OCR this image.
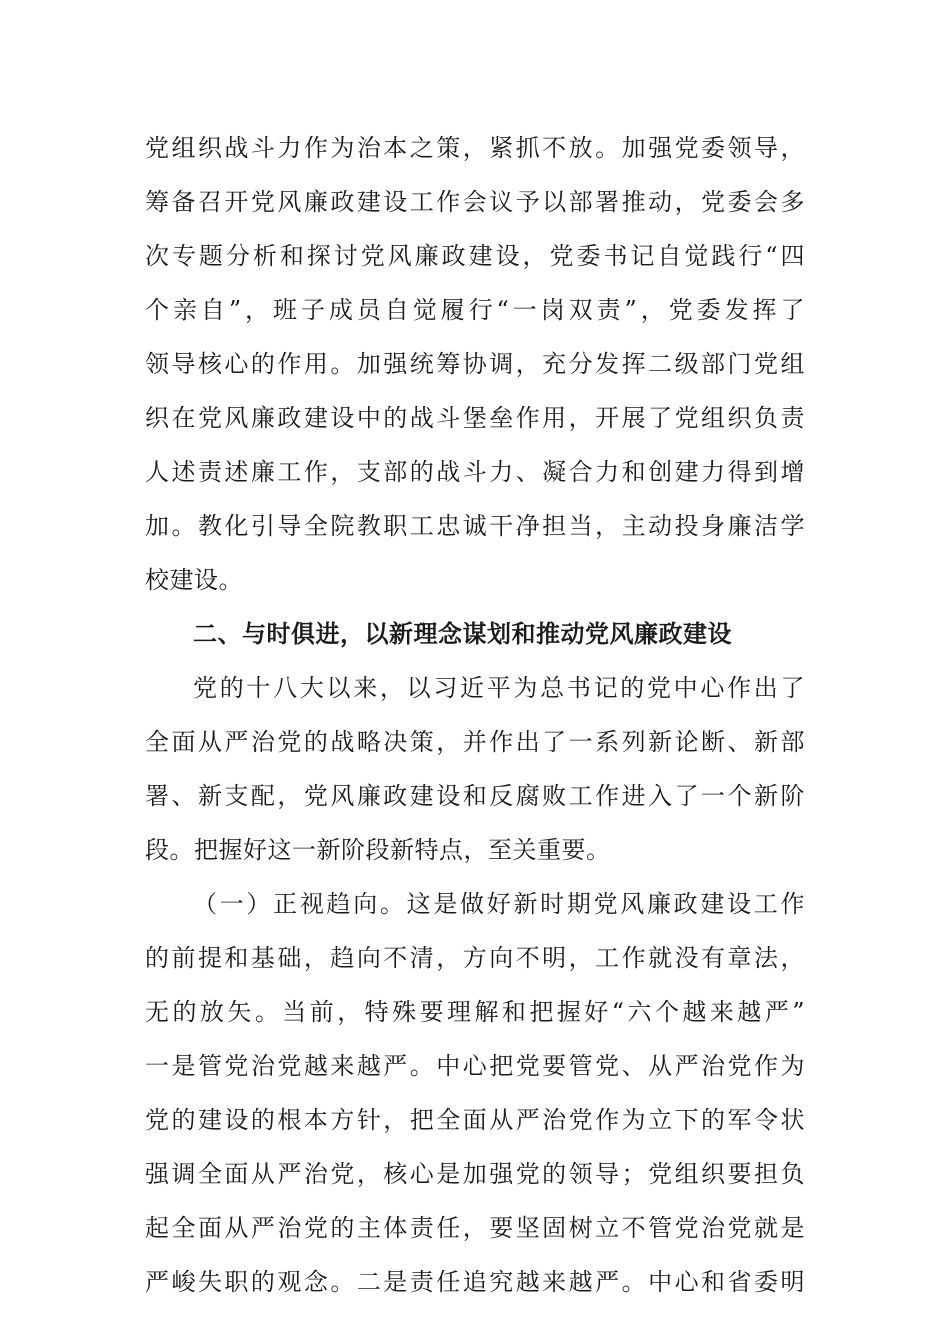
党组织战斗力作为治本之策，紧抓不放。加强党委领导，
筹备召开党风廉政建设工作会议予以部署推动，党委会多
次专题分析和探讨党风廉政建设，党委书记自觉践行“四
个亲自”，班子成员自觉履行“一岗双责”，党委发挥了
领导核心的作用。加强统筹协调，充分发挥二级部门党组
织在党风廉政建设中的战斗堡垒作用，开展了党组织负责
人述责述廉工作，支部的战斗力、凝合力和创建力得到增
加。教化引导全院教职工忠诚干净担当，主动投身廉洁学
校建设。
二、与时俱进，以新理念谋划和推动党风廉政建设
党的十八大以来，以习近平为总书记的党中心作出了
全面从严治党的战略决策，并作出了一系列新论断、新部
署、新支配，党风廉政建设和反腐败工作进入了一个新阶
段。把握好这一新阶段新特点，至关重要。
（一）正视趋向。这是做好新时期党风廉政建设工作
的前提和基础，趋向不清，方向不明，工作就没有章法，
无的放矢。当前，特殊要理解和把握好“六个越来越严”
一是管党治党越来越严。中心把党要管党、从严治党作为
党的建设的根本方针，把全面从严治党作为立下的军令状
强调全面从严治党，核心是加强党的领导；党组织要担负
起全面从严治党的主体责任，要坚固树立不管党治党就是
严峻失职的观念。二是责任追究越来越严。中心和省委明
